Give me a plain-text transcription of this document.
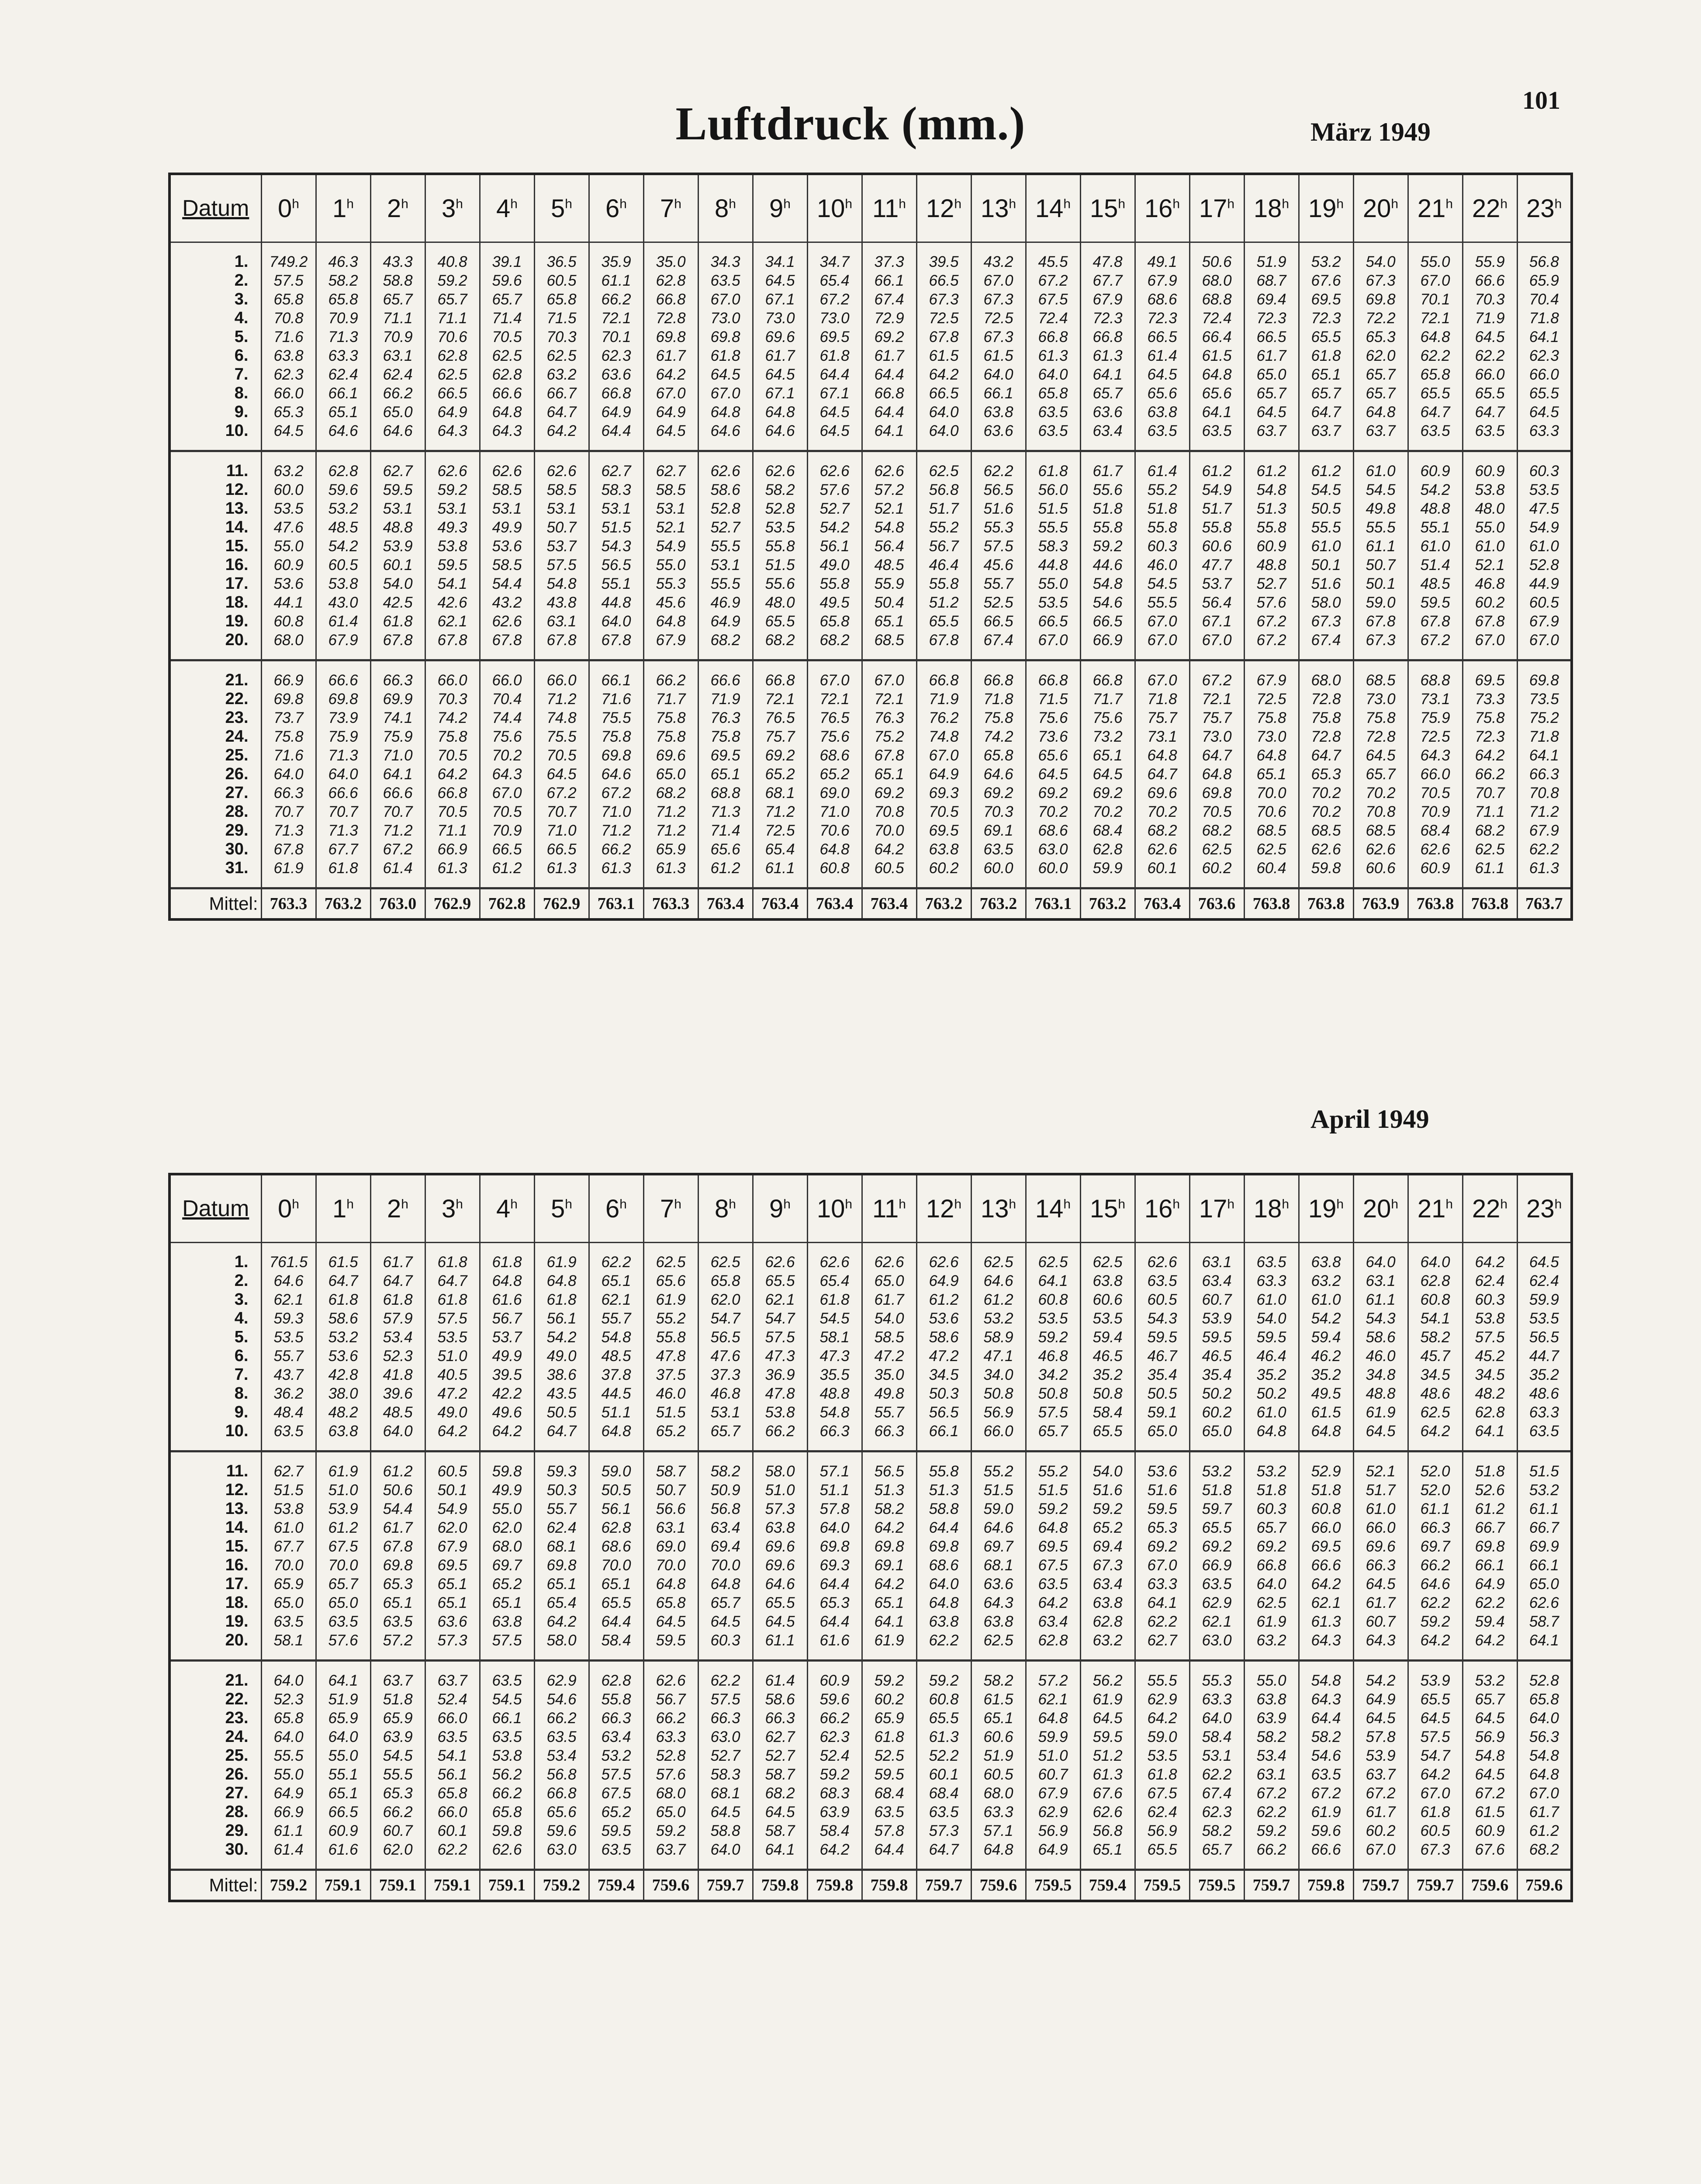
101
Luftdruck (mm.)	März 1949
April 1949
Datum	0$^h$	1$^h$	2$^h$	3$^h$	4$^h$	5$^h$	6$^h$	7$^h$	8$^h$	9$^h$	10$^h$	11$^h$	12$^h$	13$^h$	14$^h$	15$^h$	16$^h$	17$^h$	18$^h$	19$^h$	20$^h$	21$^h$	22$^h$	23$^h$

1.	749.2	46.3	43.3	40.8	39.1	36.5	35.9	35.0	34.3	34.1	34.7	37.3	39.5	43.2	45.5	47.8	49.1	50.6	51.9	53.2	54.0	55.0	55.9	56.8
2.	57.5	58.2	58.8	59.2	59.6	60.5	61.1	62.8	63.5	64.5	65.4	66.1	66.5	67.0	67.2	67.7	67.9	68.0	68.7	67.6	67.3	67.0	66.6	65.9
3.	65.8	65.8	65.7	65.7	65.7	65.8	66.2	66.8	67.0	67.1	67.2	67.4	67.3	67.3	67.5	67.9	68.6	68.8	69.4	69.5	69.8	70.1	70.3	70.4
4.	70.8	70.9	71.1	71.1	71.4	71.5	72.1	72.8	73.0	73.0	73.0	72.9	72.5	72.5	72.4	72.3	72.3	72.4	72.3	72.3	72.2	72.1	71.9	71.8
5.	71.6	71.3	70.9	70.6	70.5	70.3	70.1	69.8	69.8	69.6	69.5	69.2	67.8	67.3	66.8	66.8	66.5	66.4	66.5	65.5	65.3	64.8	64.5	64.1
6.	63.8	63.3	63.1	62.8	62.5	62.5	62.3	61.7	61.8	61.7	61.8	61.7	61.5	61.5	61.3	61.3	61.4	61.5	61.7	61.8	62.0	62.2	62.2	62.3
7.	62.3	62.4	62.4	62.5	62.8	63.2	63.6	64.2	64.5	64.5	64.4	64.4	64.2	64.0	64.0	64.1	64.5	64.8	65.0	65.1	65.7	65.8	66.0	66.0
8.	66.0	66.1	66.2	66.5	66.6	66.7	66.8	67.0	67.0	67.1	67.1	66.8	66.5	66.1	65.8	65.7	65.6	65.6	65.7	65.7	65.7	65.5	65.5	65.5
9.	65.3	65.1	65.0	64.9	64.8	64.7	64.9	64.9	64.8	64.8	64.5	64.4	64.0	63.8	63.5	63.6	63.8	64.1	64.5	64.7	64.8	64.7	64.7	64.5
10.	64.5	64.6	64.6	64.3	64.3	64.2	64.4	64.5	64.6	64.6	64.5	64.1	64.0	63.6	63.5	63.4	63.5	63.5	63.7	63.7	63.7	63.5	63.5	63.3

11.	63.2	62.8	62.7	62.6	62.6	62.6	62.7	62.7	62.6	62.6	62.6	62.6	62.5	62.2	61.8	61.7	61.4	61.2	61.2	61.2	61.0	60.9	60.9	60.3
12.	60.0	59.6	59.5	59.2	58.5	58.5	58.3	58.5	58.6	58.2	57.6	57.2	56.8	56.5	56.0	55.6	55.2	54.9	54.8	54.5	54.5	54.2	53.8	53.5
13.	53.5	53.2	53.1	53.1	53.1	53.1	53.1	53.1	52.8	52.8	52.7	52.1	51.7	51.6	51.5	51.8	51.8	51.7	51.3	50.5	49.8	48.8	48.0	47.5
14.	47.6	48.5	48.8	49.3	49.9	50.7	51.5	52.1	52.7	53.5	54.2	54.8	55.2	55.3	55.5	55.8	55.8	55.8	55.8	55.5	55.5	55.1	55.0	54.9
15.	55.0	54.2	53.9	53.8	53.6	53.7	54.3	54.9	55.5	55.8	56.1	56.4	56.7	57.5	58.3	59.2	60.3	60.6	60.9	61.0	61.1	61.0	61.0	61.0
16.	60.9	60.5	60.1	59.5	58.5	57.5	56.5	55.0	53.1	51.5	49.0	48.5	46.4	45.6	44.8	44.6	46.0	47.7	48.8	50.1	50.7	51.4	52.1	52.8
17.	53.6	53.8	54.0	54.1	54.4	54.8	55.1	55.3	55.5	55.6	55.8	55.9	55.8	55.7	55.0	54.8	54.5	53.7	52.7	51.6	50.1	48.5	46.8	44.9
18.	44.1	43.0	42.5	42.6	43.2	43.8	44.8	45.6	46.9	48.0	49.5	50.4	51.2	52.5	53.5	54.6	55.5	56.4	57.6	58.0	59.0	59.5	60.2	60.5
19.	60.8	61.4	61.8	62.1	62.6	63.1	64.0	64.8	64.9	65.5	65.8	65.1	65.5	66.5	66.5	66.5	67.0	67.1	67.2	67.3	67.8	67.8	67.8	67.9
20.	68.0	67.9	67.8	67.8	67.8	67.8	67.8	67.9	68.2	68.2	68.2	68.5	67.8	67.4	67.0	66.9	67.0	67.0	67.2	67.4	67.3	67.2	67.0	67.0

21.	66.9	66.6	66.3	66.0	66.0	66.0	66.1	66.2	66.6	66.8	67.0	67.0	66.8	66.8	66.8	66.8	67.0	67.2	67.9	68.0	68.5	68.8	69.5	69.8
22.	69.8	69.8	69.9	70.3	70.4	71.2	71.6	71.7	71.9	72.1	72.1	72.1	71.9	71.8	71.5	71.7	71.8	72.1	72.5	72.8	73.0	73.1	73.3	73.5
23.	73.7	73.9	74.1	74.2	74.4	74.8	75.5	75.8	76.3	76.5	76.5	76.3	76.2	75.8	75.6	75.6	75.7	75.7	75.8	75.8	75.8	75.9	75.8	75.2
24.	75.8	75.9	75.9	75.8	75.6	75.5	75.8	75.8	75.8	75.7	75.6	75.2	74.8	74.2	73.6	73.2	73.1	73.0	73.0	72.8	72.8	72.5	72.3	71.8
25.	71.6	71.3	71.0	70.5	70.2	70.5	69.8	69.6	69.5	69.2	68.6	67.8	67.0	65.8	65.6	65.1	64.8	64.7	64.8	64.7	64.5	64.3	64.2	64.1
26.	64.0	64.0	64.1	64.2	64.3	64.5	64.6	65.0	65.1	65.2	65.2	65.1	64.9	64.6	64.5	64.5	64.7	64.8	65.1	65.3	65.7	66.0	66.2	66.3
27.	66.3	66.6	66.6	66.8	67.0	67.2	67.2	68.2	68.8	68.1	69.0	69.2	69.3	69.2	69.2	69.2	69.6	69.8	70.0	70.2	70.2	70.5	70.7	70.8
28.	70.7	70.7	70.7	70.5	70.5	70.7	71.0	71.2	71.3	71.2	71.0	70.8	70.5	70.3	70.2	70.2	70.2	70.5	70.6	70.2	70.8	70.9	71.1	71.2
29.	71.3	71.3	71.2	71.1	70.9	71.0	71.2	71.2	71.4	72.5	70.6	70.0	69.5	69.1	68.6	68.4	68.2	68.2	68.5	68.5	68.5	68.4	68.2	67.9
30.	67.8	67.7	67.2	66.9	66.5	66.5	66.2	65.9	65.6	65.4	64.8	64.2	63.8	63.5	63.0	62.8	62.6	62.5	62.5	62.6	62.6	62.6	62.5	62.2
31.	61.9	61.8	61.4	61.3	61.2	61.3	61.3	61.3	61.2	61.1	60.8	60.5	60.2	60.0	60.0	59.9	60.1	60.2	60.4	59.8	60.6	60.9	61.1	61.3

Mittel:	763.3	763.2	763.0	762.9	762.8	762.9	763.1	763.3	763.4	763.4	763.4	763.4	763.2	763.2	763.1	763.2	763.4	763.6	763.8	763.8	763.9	763.8	763.8	763.7
Datum	0$^h$	1$^h$	2$^h$	3$^h$	4$^h$	5$^h$	6$^h$	7$^h$	8$^h$	9$^h$	10$^h$	11$^h$	12$^h$	13$^h$	14$^h$	15$^h$	16$^h$	17$^h$	18$^h$	19$^h$	20$^h$	21$^h$	22$^h$	23$^h$

1.	761.5	61.5	61.7	61.8	61.8	61.9	62.2	62.5	62.5	62.6	62.6	62.6	62.6	62.5	62.5	62.5	62.6	63.1	63.5	63.8	64.0	64.0	64.2	64.5
2.	64.6	64.7	64.7	64.7	64.8	64.8	65.1	65.6	65.8	65.5	65.4	65.0	64.9	64.6	64.1	63.8	63.5	63.4	63.3	63.2	63.1	62.8	62.4	62.4
3.	62.1	61.8	61.8	61.8	61.6	61.8	62.1	61.9	62.0	62.1	61.8	61.7	61.2	61.2	60.8	60.6	60.5	60.7	61.0	61.0	61.1	60.8	60.3	59.9
4.	59.3	58.6	57.9	57.5	56.7	56.1	55.7	55.2	54.7	54.7	54.5	54.0	53.6	53.2	53.5	53.5	54.3	53.9	54.0	54.2	54.3	54.1	53.8	53.5
5.	53.5	53.2	53.4	53.5	53.7	54.2	54.8	55.8	56.5	57.5	58.1	58.5	58.6	58.9	59.2	59.4	59.5	59.5	59.5	59.4	58.6	58.2	57.5	56.5
6.	55.7	53.6	52.3	51.0	49.9	49.0	48.5	47.8	47.6	47.3	47.3	47.2	47.2	47.1	46.8	46.5	46.7	46.5	46.4	46.2	46.0	45.7	45.2	44.7
7.	43.7	42.8	41.8	40.5	39.5	38.6	37.8	37.5	37.3	36.9	35.5	35.0	34.5	34.0	34.2	35.2	35.4	35.4	35.2	35.2	34.8	34.5	34.5	35.2
8.	36.2	38.0	39.6	47.2	42.2	43.5	44.5	46.0	46.8	47.8	48.8	49.8	50.3	50.8	50.8	50.8	50.5	50.2	50.2	49.5	48.8	48.6	48.2	48.6
9.	48.4	48.2	48.5	49.0	49.6	50.5	51.1	51.5	53.1	53.8	54.8	55.7	56.5	56.9	57.5	58.4	59.1	60.2	61.0	61.5	61.9	62.5	62.8	63.3
10.	63.5	63.8	64.0	64.2	64.2	64.7	64.8	65.2	65.7	66.2	66.3	66.3	66.1	66.0	65.7	65.5	65.0	65.0	64.8	64.8	64.5	64.2	64.1	63.5

11.	62.7	61.9	61.2	60.5	59.8	59.3	59.0	58.7	58.2	58.0	57.1	56.5	55.8	55.2	55.2	54.0	53.6	53.2	53.2	52.9	52.1	52.0	51.8	51.5
12.	51.5	51.0	50.6	50.1	49.9	50.3	50.5	50.7	50.9	51.0	51.1	51.3	51.3	51.5	51.5	51.6	51.6	51.8	51.8	51.8	51.7	52.0	52.6	53.2
13.	53.8	53.9	54.4	54.9	55.0	55.7	56.1	56.6	56.8	57.3	57.8	58.2	58.8	59.0	59.2	59.2	59.5	59.7	60.3	60.8	61.0	61.1	61.2	61.1
14.	61.0	61.2	61.7	62.0	62.0	62.4	62.8	63.1	63.4	63.8	64.0	64.2	64.4	64.6	64.8	65.2	65.3	65.5	65.7	66.0	66.0	66.3	66.7	66.7
15.	67.7	67.5	67.8	67.9	68.0	68.1	68.6	69.0	69.4	69.6	69.8	69.8	69.8	69.7	69.5	69.4	69.2	69.2	69.2	69.5	69.6	69.7	69.8	69.9
16.	70.0	70.0	69.8	69.5	69.7	69.8	70.0	70.0	70.0	69.6	69.3	69.1	68.6	68.1	67.5	67.3	67.0	66.9	66.8	66.6	66.3	66.2	66.1	66.1
17.	65.9	65.7	65.3	65.1	65.2	65.1	65.1	64.8	64.8	64.6	64.4	64.2	64.0	63.6	63.5	63.4	63.3	63.5	64.0	64.2	64.5	64.6	64.9	65.0
18.	65.0	65.0	65.1	65.1	65.1	65.4	65.5	65.8	65.7	65.5	65.3	65.1	64.8	64.3	64.2	63.8	64.1	62.9	62.5	62.1	61.7	62.2	62.2	62.6
19.	63.5	63.5	63.5	63.6	63.8	64.2	64.4	64.5	64.5	64.5	64.4	64.1	63.8	63.8	63.4	62.8	62.2	62.1	61.9	61.3	60.7	59.2	59.4	58.7
20.	58.1	57.6	57.2	57.3	57.5	58.0	58.4	59.5	60.3	61.1	61.6	61.9	62.2	62.5	62.8	63.2	62.7	63.0	63.2	64.3	64.3	64.2	64.2	64.1

21.	64.0	64.1	63.7	63.7	63.5	62.9	62.8	62.6	62.2	61.4	60.9	59.2	59.2	58.2	57.2	56.2	55.5	55.3	55.0	54.8	54.2	53.9	53.2	52.8
22.	52.3	51.9	51.8	52.4	54.5	54.6	55.8	56.7	57.5	58.6	59.6	60.2	60.8	61.5	62.1	61.9	62.9	63.3	63.8	64.3	64.9	65.5	65.7	65.8
23.	65.8	65.9	65.9	66.0	66.1	66.2	66.3	66.2	66.3	66.3	66.2	65.9	65.5	65.1	64.8	64.5	64.2	64.0	63.9	64.4	64.5	64.5	64.5	64.0
24.	64.0	64.0	63.9	63.5	63.5	63.5	63.4	63.3	63.0	62.7	62.3	61.8	61.3	60.6	59.9	59.5	59.0	58.4	58.2	58.2	57.8	57.5	56.9	56.3
25.	55.5	55.0	54.5	54.1	53.8	53.4	53.2	52.8	52.7	52.7	52.4	52.5	52.2	51.9	51.0	51.2	53.5	53.1	53.4	54.6	53.9	54.7	54.8	54.8
26.	55.0	55.1	55.5	56.1	56.2	56.8	57.5	57.6	58.3	58.7	59.2	59.5	60.1	60.5	60.7	61.3	61.8	62.2	63.1	63.5	63.7	64.2	64.5	64.8
27.	64.9	65.1	65.3	65.8	66.2	66.8	67.5	68.0	68.1	68.2	68.3	68.4	68.4	68.0	67.9	67.6	67.5	67.4	67.2	67.2	67.2	67.0	67.2	67.0
28.	66.9	66.5	66.2	66.0	65.8	65.6	65.2	65.0	64.5	64.5	63.9	63.5	63.5	63.3	62.9	62.6	62.4	62.3	62.2	61.9	61.7	61.8	61.5	61.7
29.	61.1	60.9	60.7	60.1	59.8	59.6	59.5	59.2	58.8	58.7	58.4	57.8	57.3	57.1	56.9	56.8	56.9	58.2	59.2	59.6	60.2	60.5	60.9	61.2
30.	61.4	61.6	62.0	62.2	62.6	63.0	63.5	63.7	64.0	64.1	64.2	64.4	64.7	64.8	64.9	65.1	65.5	65.7	66.2	66.6	67.0	67.3	67.6	68.2

Mittel:	759.2	759.1	759.1	759.1	759.1	759.2	759.4	759.6	759.7	759.8	759.8	759.8	759.7	759.6	759.5	759.4	759.5	759.5	759.7	759.8	759.7	759.7	759.6	759.6
